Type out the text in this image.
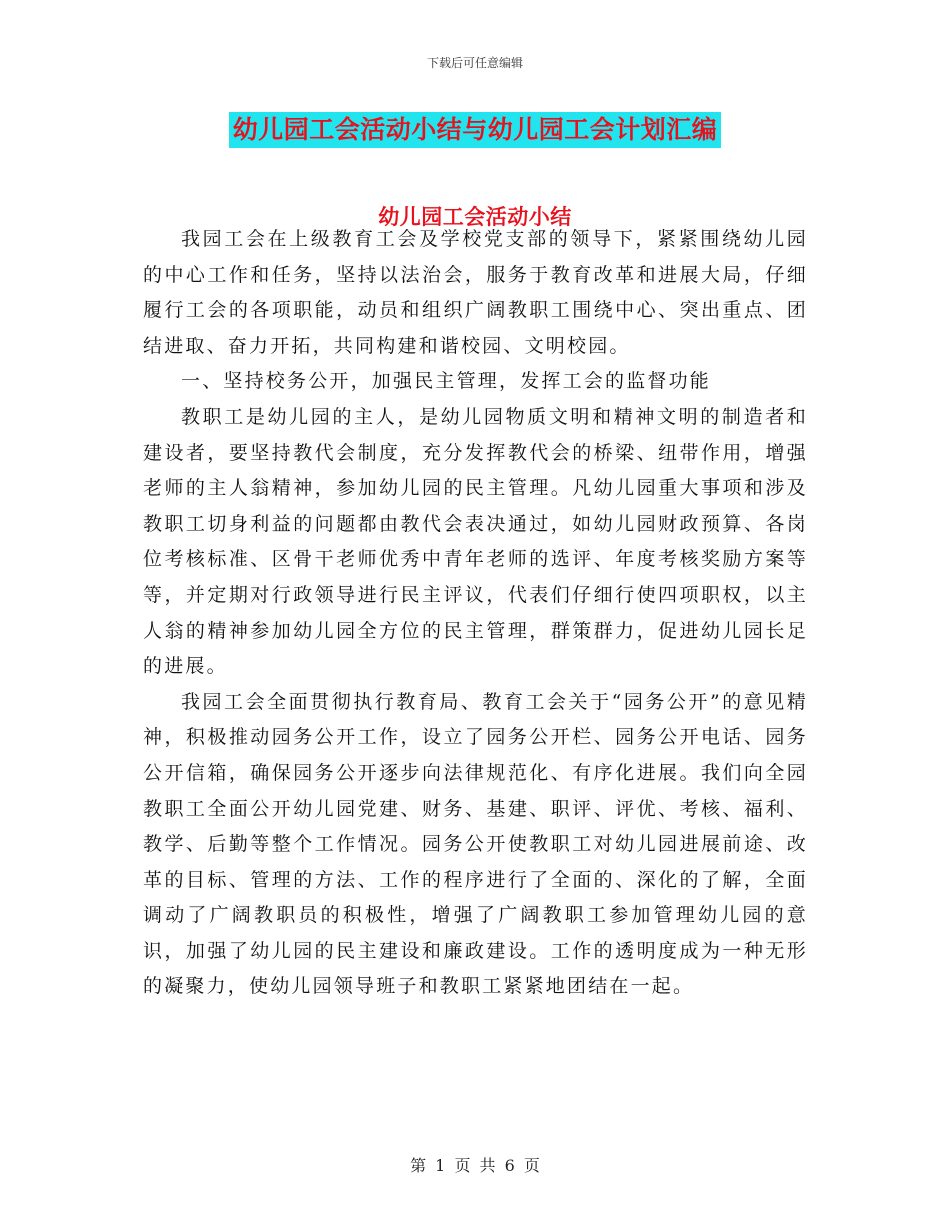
下载后可任意编辑
幼儿园工会活动小结与幼儿园工会计划汇编
幼儿园工会活动小结

我园工会在上级教育工会及学校党支部的领导下，紧紧围绕幼儿园的中心工作和任务，坚持以法治会，服务于教育改革和进展大局，仔细履行工会的各项职能，动员和组织广阔教职工围绕中心、突出重点、团结进取、奋力开拓，共同构建和谐校园、文明校园。

一、坚持校务公开，加强民主管理，发挥工会的监督功能

教职工是幼儿园的主人，是幼儿园物质文明和精神文明的制造者和建设者，要坚持教代会制度，充分发挥教代会的桥梁、纽带作用，增强老师的主人翁精神，参加幼儿园的民主管理。凡幼儿园重大事项和涉及教职工切身利益的问题都由教代会表决通过，如幼儿园财政预算、各岗位考核标准、区骨干老师优秀中青年老师的选评、年度考核奖励方案等等，并定期对行政领导进行民主评议，代表们仔细行使四项职权，以主人翁的精神参加幼儿园全方位的民主管理，群策群力，促进幼儿园长足的进展。

我园工会全面贯彻执行教育局、教育工会关于“园务公开”的意见精神，积极推动园务公开工作，设立了园务公开栏、园务公开电话、园务公开信箱，确保园务公开逐步向法律规范化、有序化进展。我们向全园教职工全面公开幼儿园党建、财务、基建、职评、评优、考核、福利、教学、后勤等整个工作情况。园务公开使教职工对幼儿园进展前途、改革的目标、管理的方法、工作的程序进行了全面的、深化的了解，全面调动了广阔教职员的积极性，增强了广阔教职工参加管理幼儿园的意识，加强了幼儿园的民主建设和廉政建设。工作的透明度成为一种无形的凝聚力，使幼儿园领导班子和教职工紧紧地团结在一起。

第 1 页 共 6 页
